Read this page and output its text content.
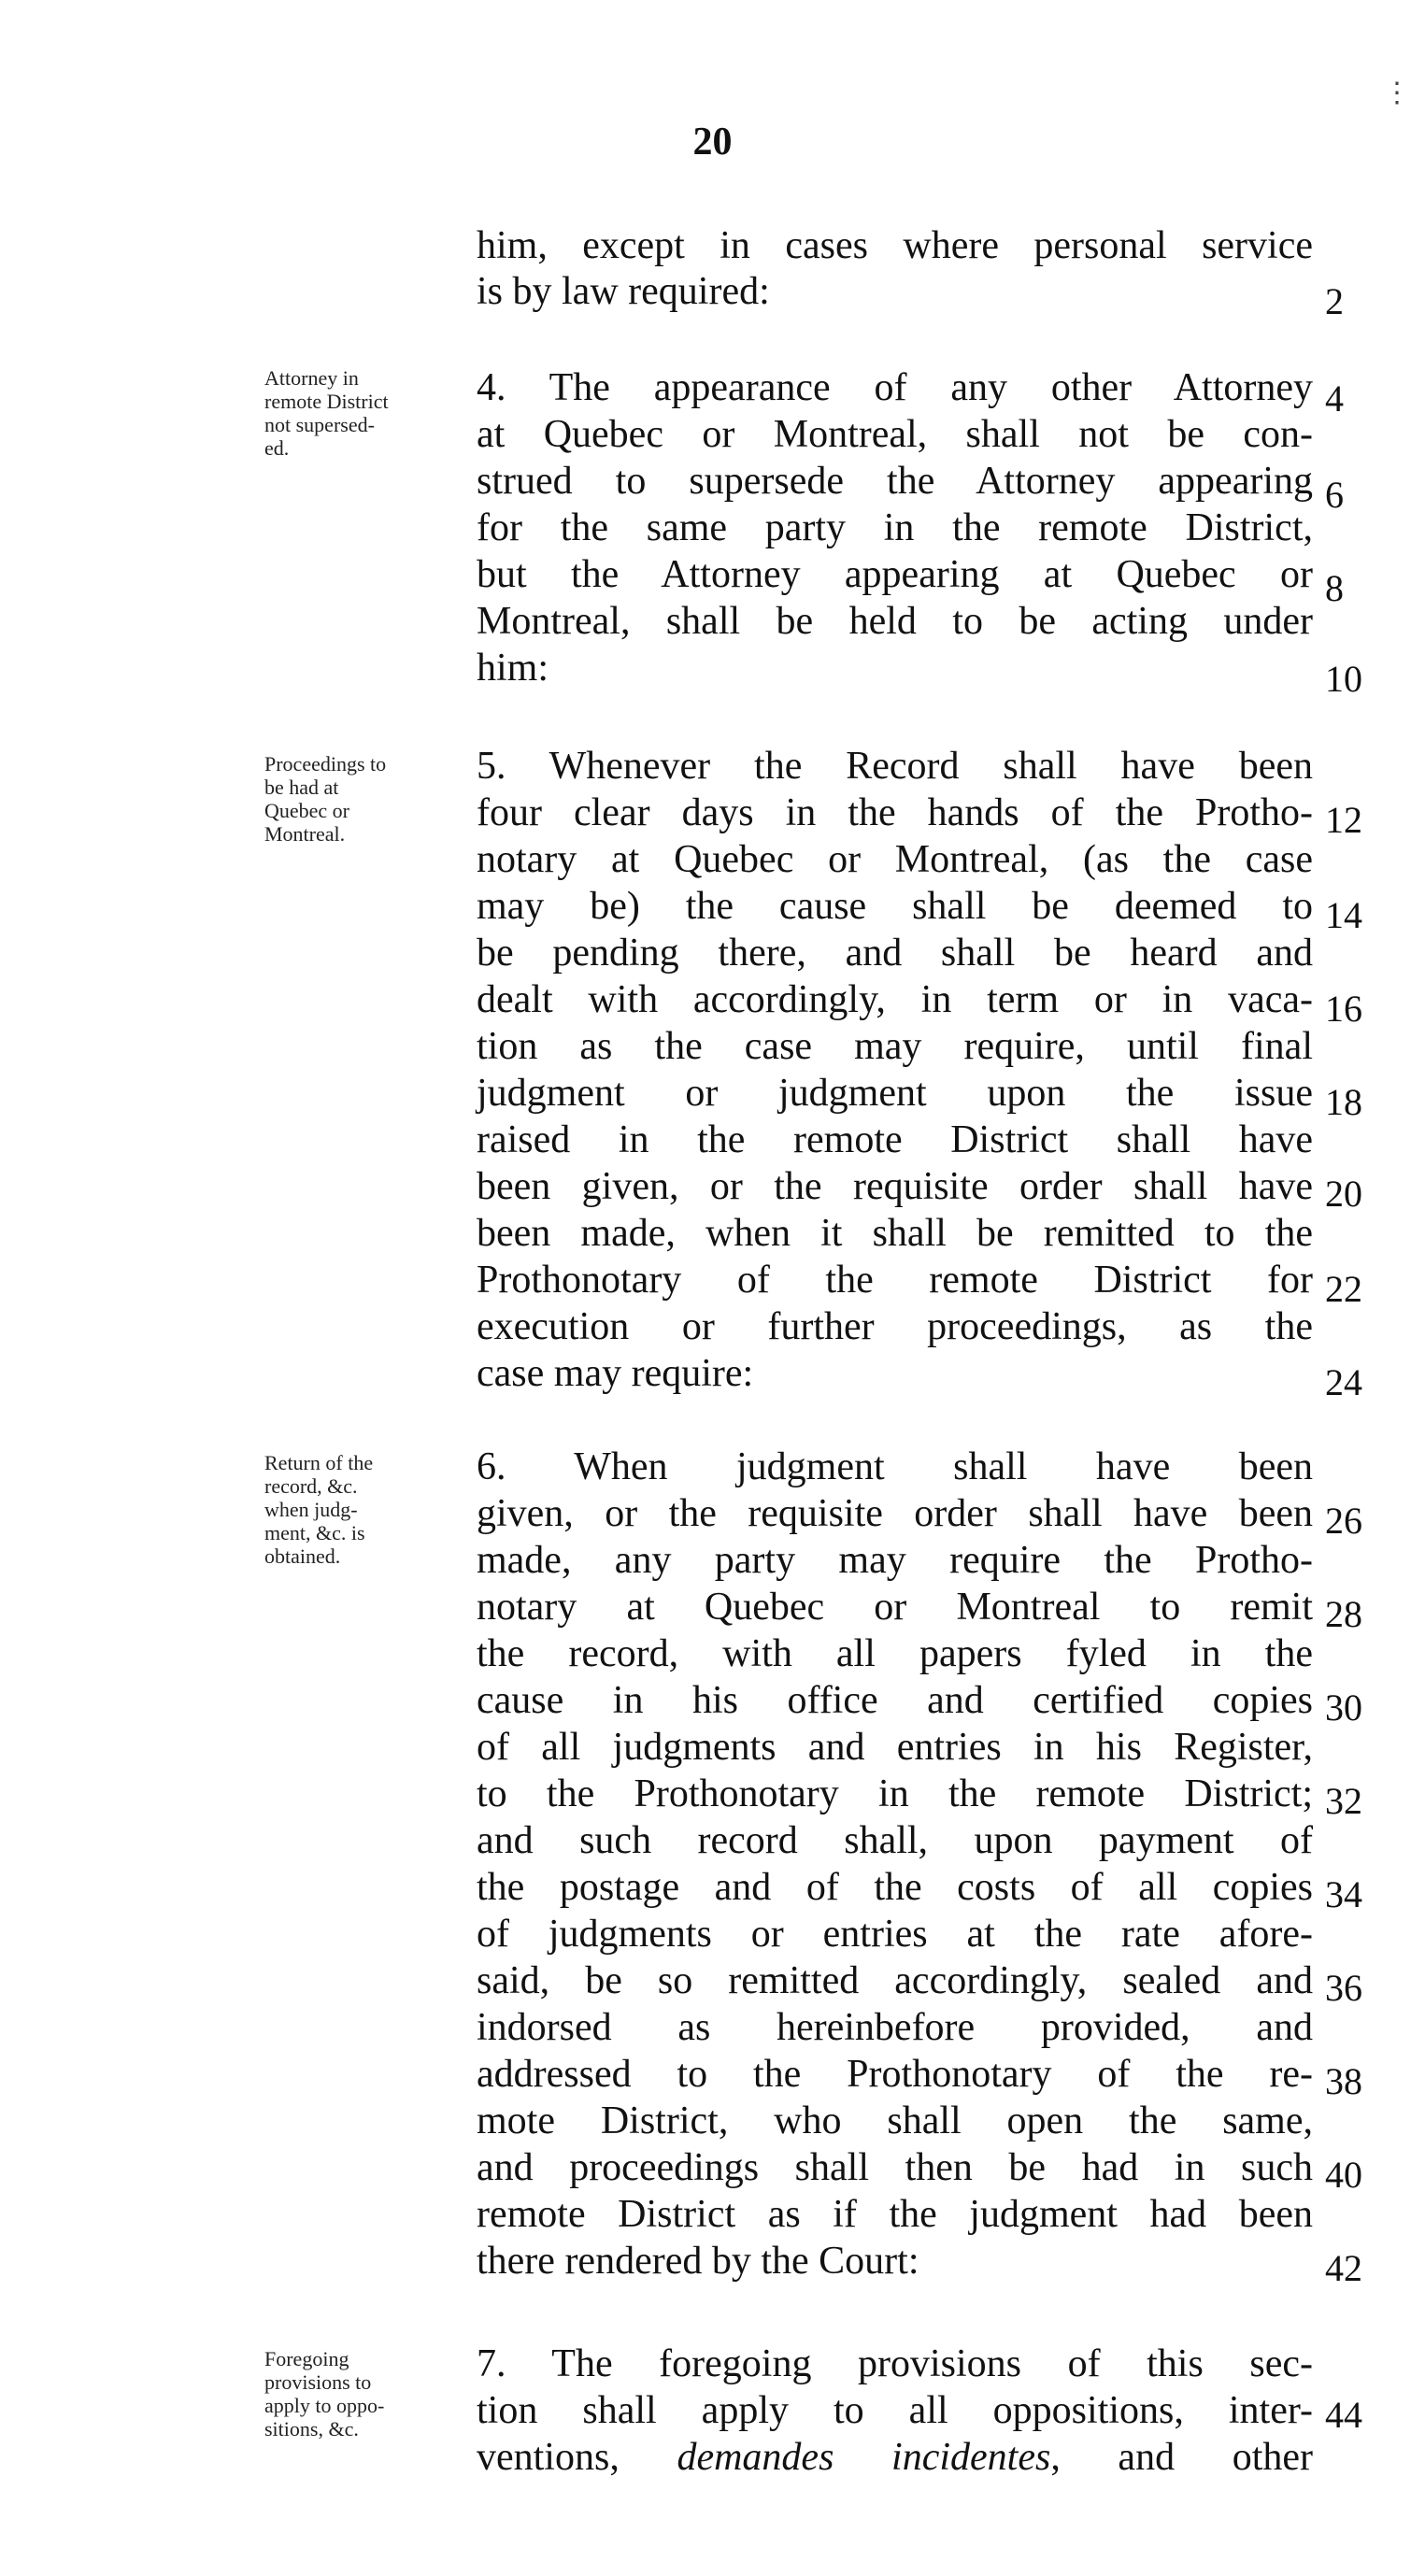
⋮
20
Attorney in
remote District
not supersed-
ed.
Proceedings to
be had at
Quebec or
Montreal.
Return of the
record, &c.
when judg-
ment, &c. is
obtained.
Foregoing
provisions to
apply to oppo-
sitions, &c.
him, except in cases where personal service
is by law required:
4. The appearance of any other Attorney
at Quebec or Montreal, shall not be con-
strued to supersede the Attorney appearing
for the same party in the remote District,
but the Attorney appearing at Quebec or
Montreal, shall be held to be acting under
him:
5. Whenever the Record shall have been
four clear days in the hands of the Protho-
notary at Quebec or Montreal, (as the case
may be) the cause shall be deemed to
be pending there, and shall be heard and
dealt with accordingly, in term or in vaca-
tion as the case may require, until final
judgment or judgment upon the issue
raised in the remote District shall have
been given, or the requisite order shall have
been made, when it shall be remitted to the
Prothonotary of the remote District for
execution or further proceedings, as the
case may require:
6. When judgment shall have been
given, or the requisite order shall have been
made, any party may require the Protho-
notary at Quebec or Montreal to remit
the record, with all papers fyled in the
cause in his office and certified copies
of all judgments and entries in his Register,
to the Prothonotary in the remote District;
and such record shall, upon payment of
the postage and of the costs of all copies
of judgments or entries at the rate afore-
said, be so remitted accordingly, sealed and
indorsed as hereinbefore provided, and
addressed to the Prothonotary of the re-
mote District, who shall open the same,
and proceedings shall then be had in such
remote District as if the judgment had been
there rendered by the Court:
7. The foregoing provisions of this sec-
tion shall apply to all oppositions, inter-
ventions, demandes incidentes, and other
2
4
6
8
10
12
14
16
18
20
22
24
26
28
30
32
34
36
38
40
42
44
